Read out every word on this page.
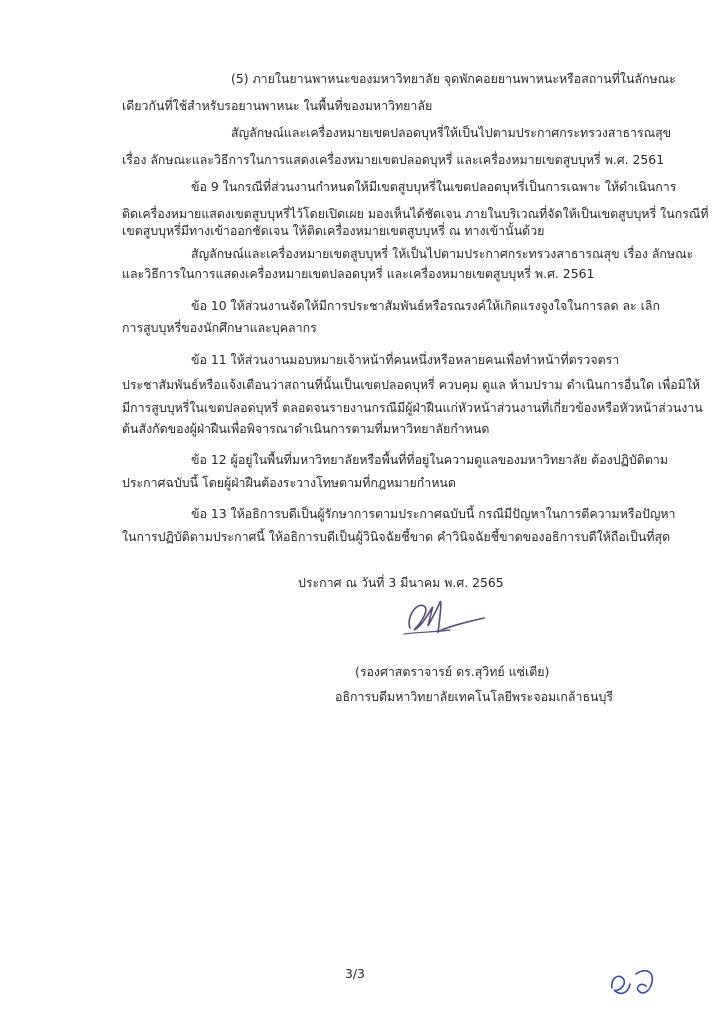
(5) ภายในยานพาหนะของมหาวิทยาลัย จุดพักคอยยานพาหนะหรือสถานที่ในลักษณะ
เดียวกันที่ใช้สำหรับรอยานพาหนะ ในพื้นที่ของมหาวิทยาลัย
สัญลักษณ์และเครื่องหมายเขตปลอดบุหรี่ให้เป็นไปตามประกาศกระทรวงสาธารณสุข
เรื่อง ลักษณะและวิธีการในการแสดงเครื่องหมายเขตปลอดบุหรี่ และเครื่องหมายเขตสูบบุหรี่ พ.ศ. 2561
ข้อ 9 ในกรณีที่ส่วนงานกำหนดให้มีเขตสูบบุหรี่ในเขตปลอดบุหรี่เป็นการเฉพาะ ให้ดำเนินการ
ติดเครื่องหมายแสดงเขตสูบบุหรี่ไว้โดยเปิดเผย มองเห็นได้ชัดเจน ภายในบริเวณที่จัดให้เป็นเขตสูบบุหรี่ ในกรณีที่
เขตสูบบุหรี่มีทางเข้าออกชัดเจน ให้ติดเครื่องหมายเขตสูบบุหรี่ ณ ทางเข้านั้นด้วย
สัญลักษณ์และเครื่องหมายเขตสูบบุหรี่ ให้เป็นไปตามประกาศกระทรวงสาธารณสุข เรื่อง ลักษณะ
และวิธีการในการแสดงเครื่องหมายเขตปลอดบุหรี่ และเครื่องหมายเขตสูบบุหรี่ พ.ศ. 2561
ข้อ 10 ให้ส่วนงานจัดให้มีการประชาสัมพันธ์หรือรณรงค์ให้เกิดแรงจูงใจในการลด ละ เลิก
การสูบบุหรี่ของนักศึกษาและบุคลากร
ข้อ 11 ให้ส่วนงานมอบหมายเจ้าหน้าที่คนหนึ่งหรือหลายคนเพื่อทำหน้าที่ตรวจตรา
ประชาสัมพันธ์หรือแจ้งเตือนว่าสถานที่นั้นเป็นเขตปลอดบุหรี่ ควบคุม ดูแล ห้ามปราม ดำเนินการอื่นใด เพื่อมิให้
มีการสูบบุหรี่ในเขตปลอดบุหรี่ ตลอดจนรายงานกรณีมีผู้ฝ่าฝืนแก่หัวหน้าส่วนงานที่เกี่ยวข้องหรือหัวหน้าส่วนงาน
ต้นสังกัดของผู้ฝ่าฝืนเพื่อพิจารณาดำเนินการตามที่มหาวิทยาลัยกำหนด
ข้อ 12 ผู้อยู่ในพื้นที่มหาวิทยาลัยหรือพื้นที่ที่อยู่ในความดูแลของมหาวิทยาลัย ต้องปฏิบัติตาม
ประกาศฉบับนี้ โดยผู้ฝ่าฝืนต้องระวางโทษตามที่กฎหมายกำหนด
ข้อ 13 ให้อธิการบดีเป็นผู้รักษาการตามประกาศฉบับนี้ กรณีมีปัญหาในการตีความหรือปัญหา
ในการปฏิบัติตามประกาศนี้ ให้อธิการบดีเป็นผู้วินิจฉัยชี้ขาด คำวินิจฉัยชี้ขาดของอธิการบดีให้ถือเป็นที่สุด
ประกาศ ณ วันที่ 3 มีนาคม พ.ศ. 2565
(รองศาสตราจารย์ ดร.สุวิทย์ แซ่เตีย)
อธิการบดีมหาวิทยาลัยเทคโนโลยีพระจอมเกล้าธนบุรี
3/3
